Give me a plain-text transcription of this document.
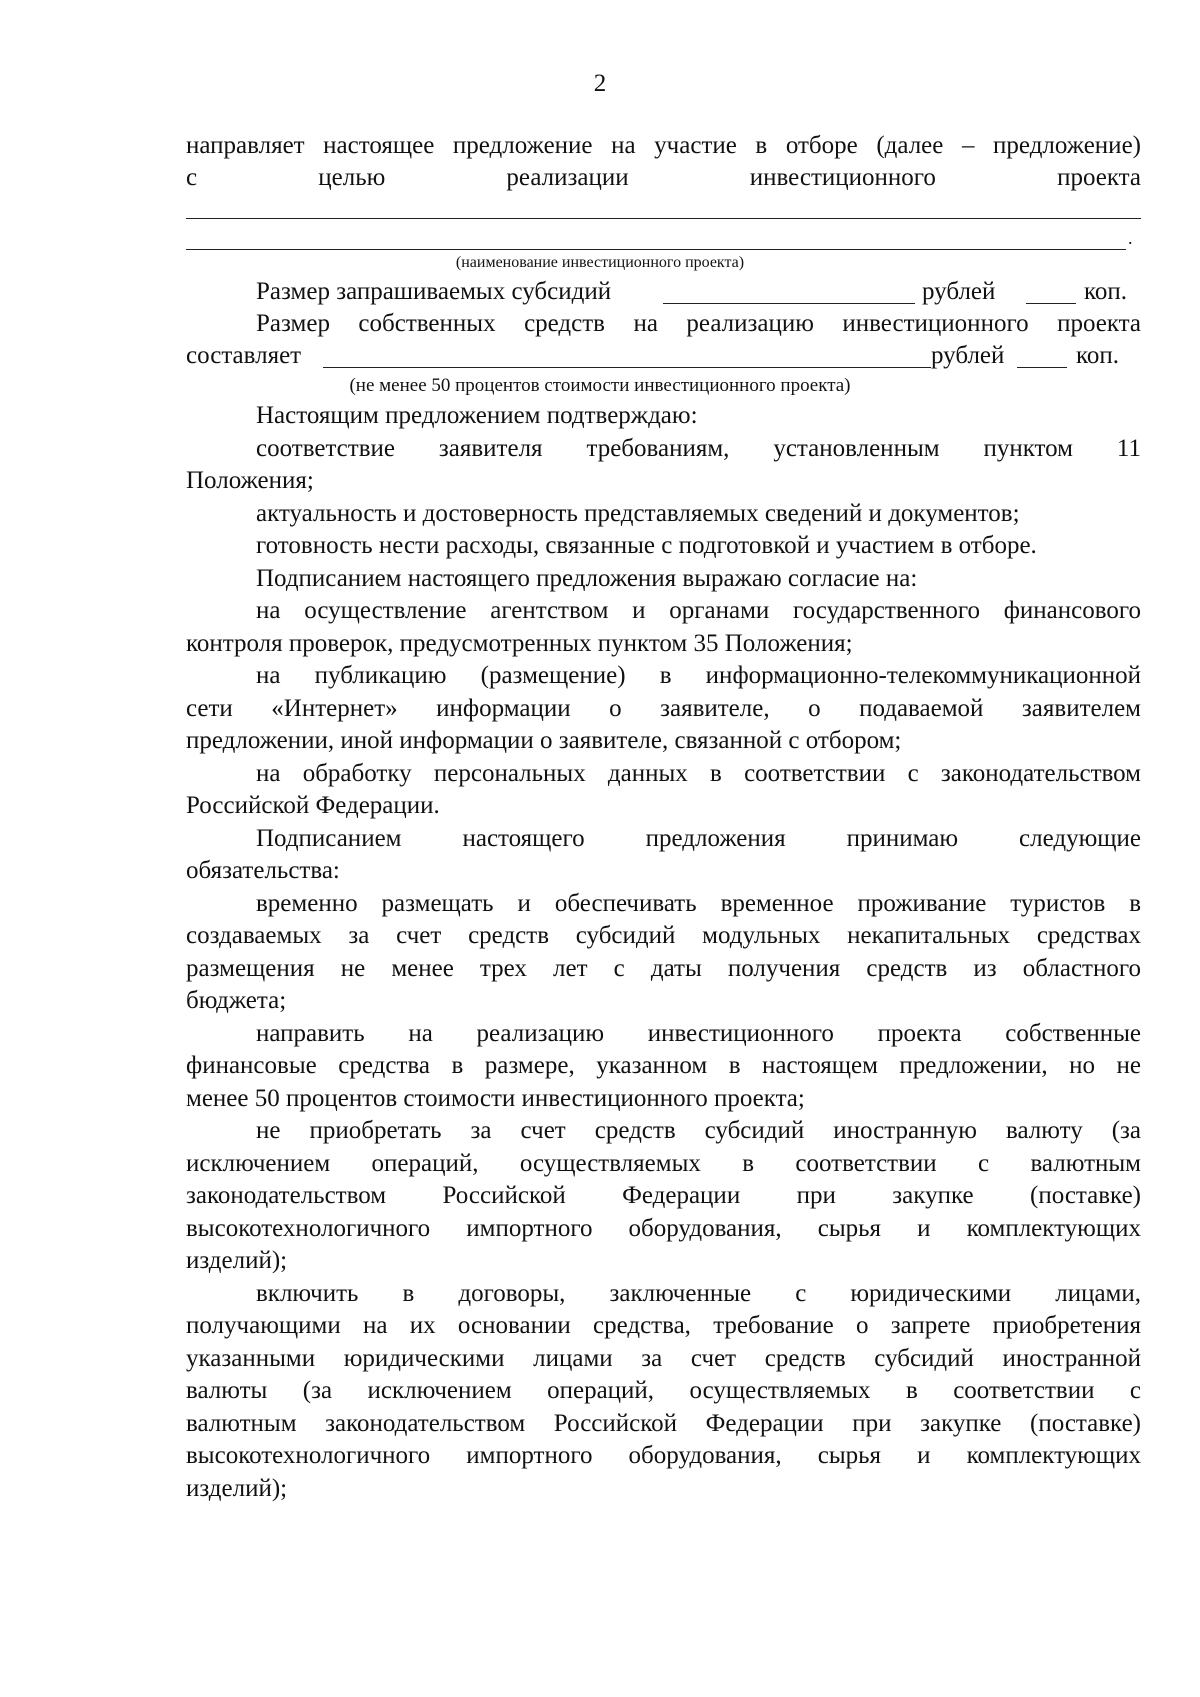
2
направляет настоящее предложение на участие в отборе (далее – предложение)
с целью реализации инвестиционного проекта
.
(наименование инвестиционного проекта)
Размер запрашиваемых субсидий	рублей	коп.
Размер собственных средств на реализацию инвестиционного проекта
составляет	рублей	коп.
(не менее 50 процентов стоимости инвестиционного проекта)
Настоящим предложением подтверждаю:
соответствие заявителя требованиям, установленным пунктом 11
Положения;
актуальность и достоверность представляемых сведений и документов;
готовность нести расходы, связанные с подготовкой и участием в отборе.
Подписанием настоящего предложения выражаю согласие на:
на осуществление агентством и органами государственного финансового
контроля проверок, предусмотренных пунктом 35 Положения;
на публикацию (размещение) в информационно-телекоммуникационной
сети «Интернет» информации о заявителе, о подаваемой заявителем
предложении, иной информации о заявителе, связанной с отбором;
на обработку персональных данных в соответствии с законодательством
Российской Федерации.
Подписанием настоящего предложения принимаю следующие
обязательства:
временно размещать и обеспечивать временное проживание туристов в
создаваемых за счет средств субсидий модульных некапитальных средствах
размещения не менее трех лет с даты получения средств из областного
бюджета;
направить на реализацию инвестиционного проекта собственные
финансовые средства в размере, указанном в настоящем предложении, но не
менее 50 процентов стоимости инвестиционного проекта;
не приобретать за счет средств субсидий иностранную валюту (за
исключением операций, осуществляемых в соответствии с валютным
законодательством Российской Федерации при закупке (поставке)
высокотехнологичного импортного оборудования, сырья и комплектующих
изделий);
включить в договоры, заключенные с юридическими лицами,
получающими на их основании средства, требование о запрете приобретения
указанными юридическими лицами за счет средств субсидий иностранной
валюты (за исключением операций, осуществляемых в соответствии с
валютным законодательством Российской Федерации при закупке (поставке)
высокотехнологичного импортного оборудования, сырья и комплектующих
изделий);
